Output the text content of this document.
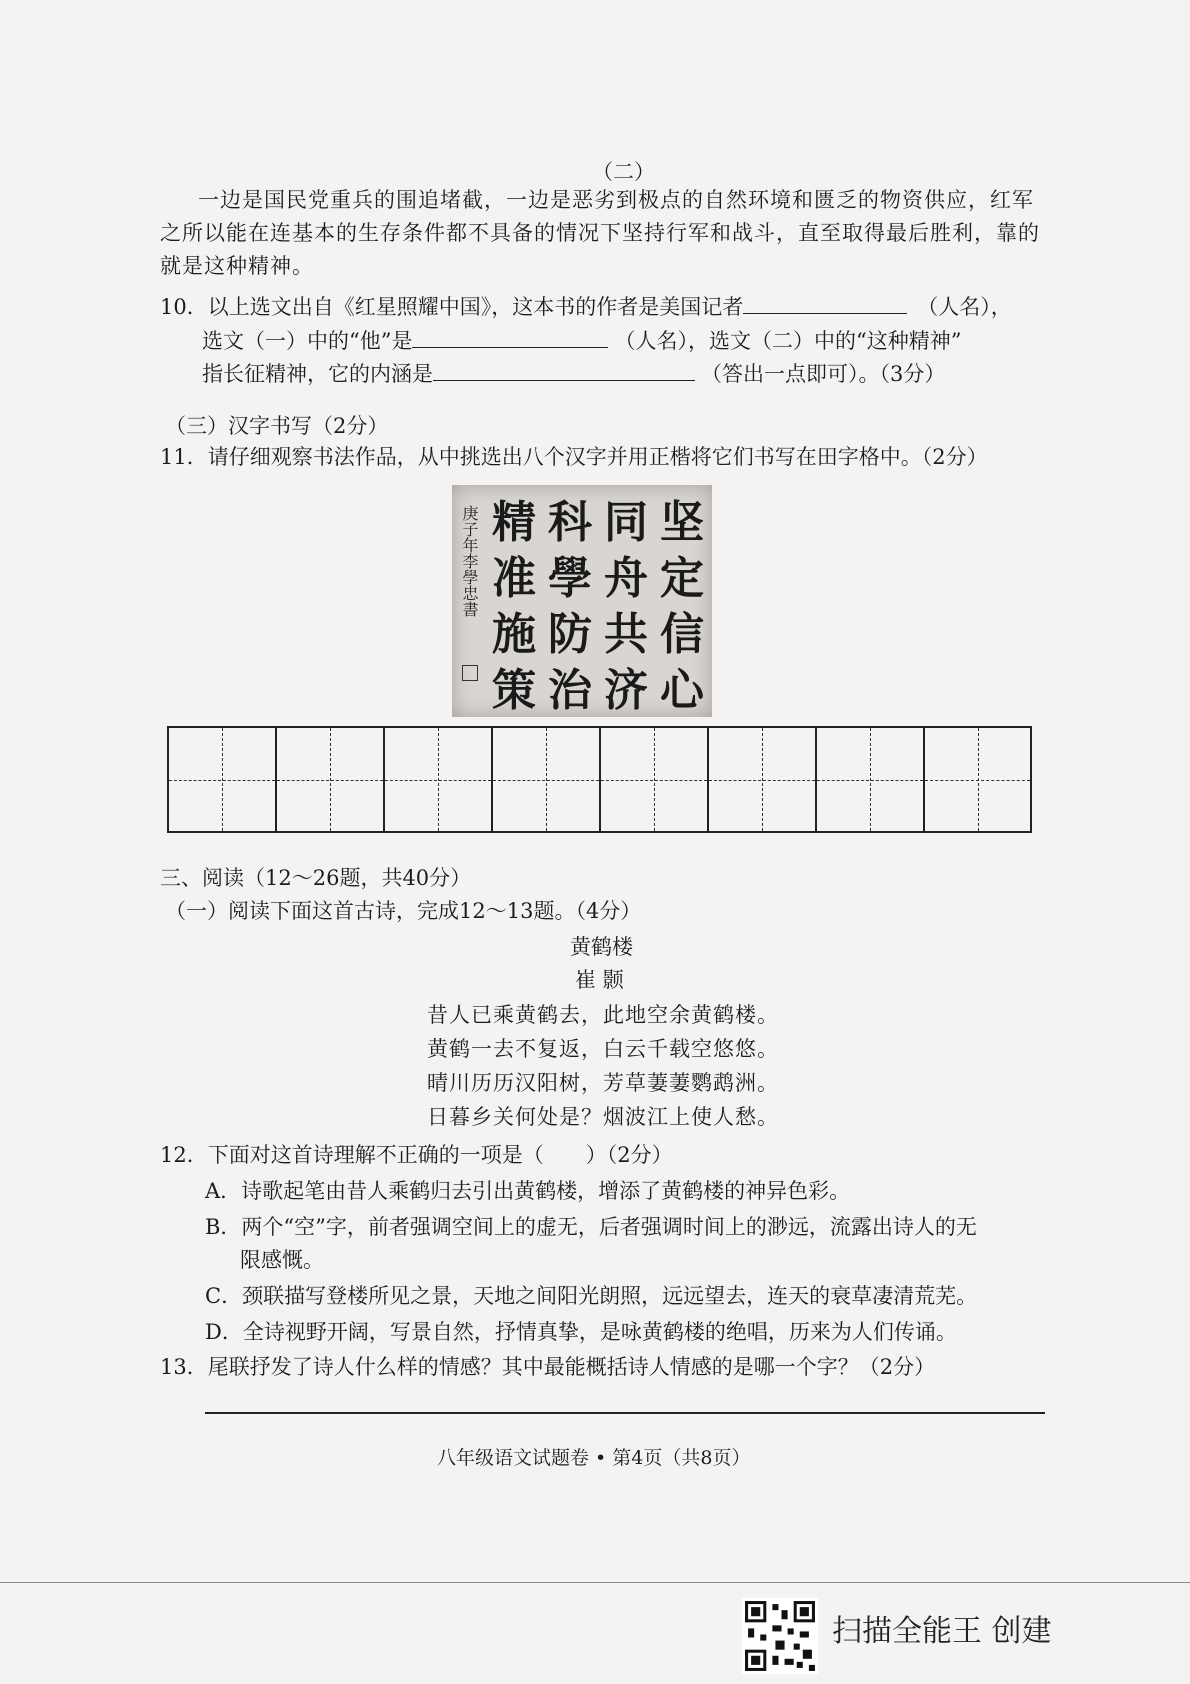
（二）
一边是国民党重兵的围追堵截，一边是恶劣到极点的自然环境和匮乏的物资供应，红军
之所以能在连基本的生存条件都不具备的情况下坚持行军和战斗，直至取得最后胜利，靠的
就是这种精神。
10．以上选文出自《红星照耀中国》，这本书的作者是美国记者	（人名），
选文（一）中的“他”是	（人名），选文（二）中的“这种精神”
指长征精神，它的内涵是	（答出一点即可）。（3分）
（三）汉字书写（2分）
11．请仔细观察书法作品，从中挑选出八个汉字并用正楷将它们书写在田字格中。（2分）
庚子年李學忠書 精
准
施
策
科
學
防
治
同
舟
共
济
坚
定
信
心
三、阅读（12～26题，共40分）
（一）阅读下面这首古诗，完成12～13题。（4分）
黄鹤楼
崔 颢
昔人已乘黄鹤去，此地空余黄鹤楼。
黄鹤一去不复返，白云千载空悠悠。
晴川历历汉阳树，芳草萋萋鹦鹉洲。
日暮乡关何处是？烟波江上使人愁。
12．下面对这首诗理解不正确的一项是（　　）（2分）
A．诗歌起笔由昔人乘鹤归去引出黄鹤楼，增添了黄鹤楼的神异色彩。
B．两个“空”字，前者强调空间上的虚无，后者强调时间上的渺远，流露出诗人的无
限感慨。
C．颈联描写登楼所见之景，天地之间阳光朗照，远远望去，连天的衰草凄清荒芜。
D．全诗视野开阔，写景自然，抒情真挚，是咏黄鹤楼的绝唱，历来为人们传诵。
13．尾联抒发了诗人什么样的情感？其中最能概括诗人情感的是哪一个字？（2分）
八年级语文试题卷 • 第4页（共8页）
扫描全能王 创建
